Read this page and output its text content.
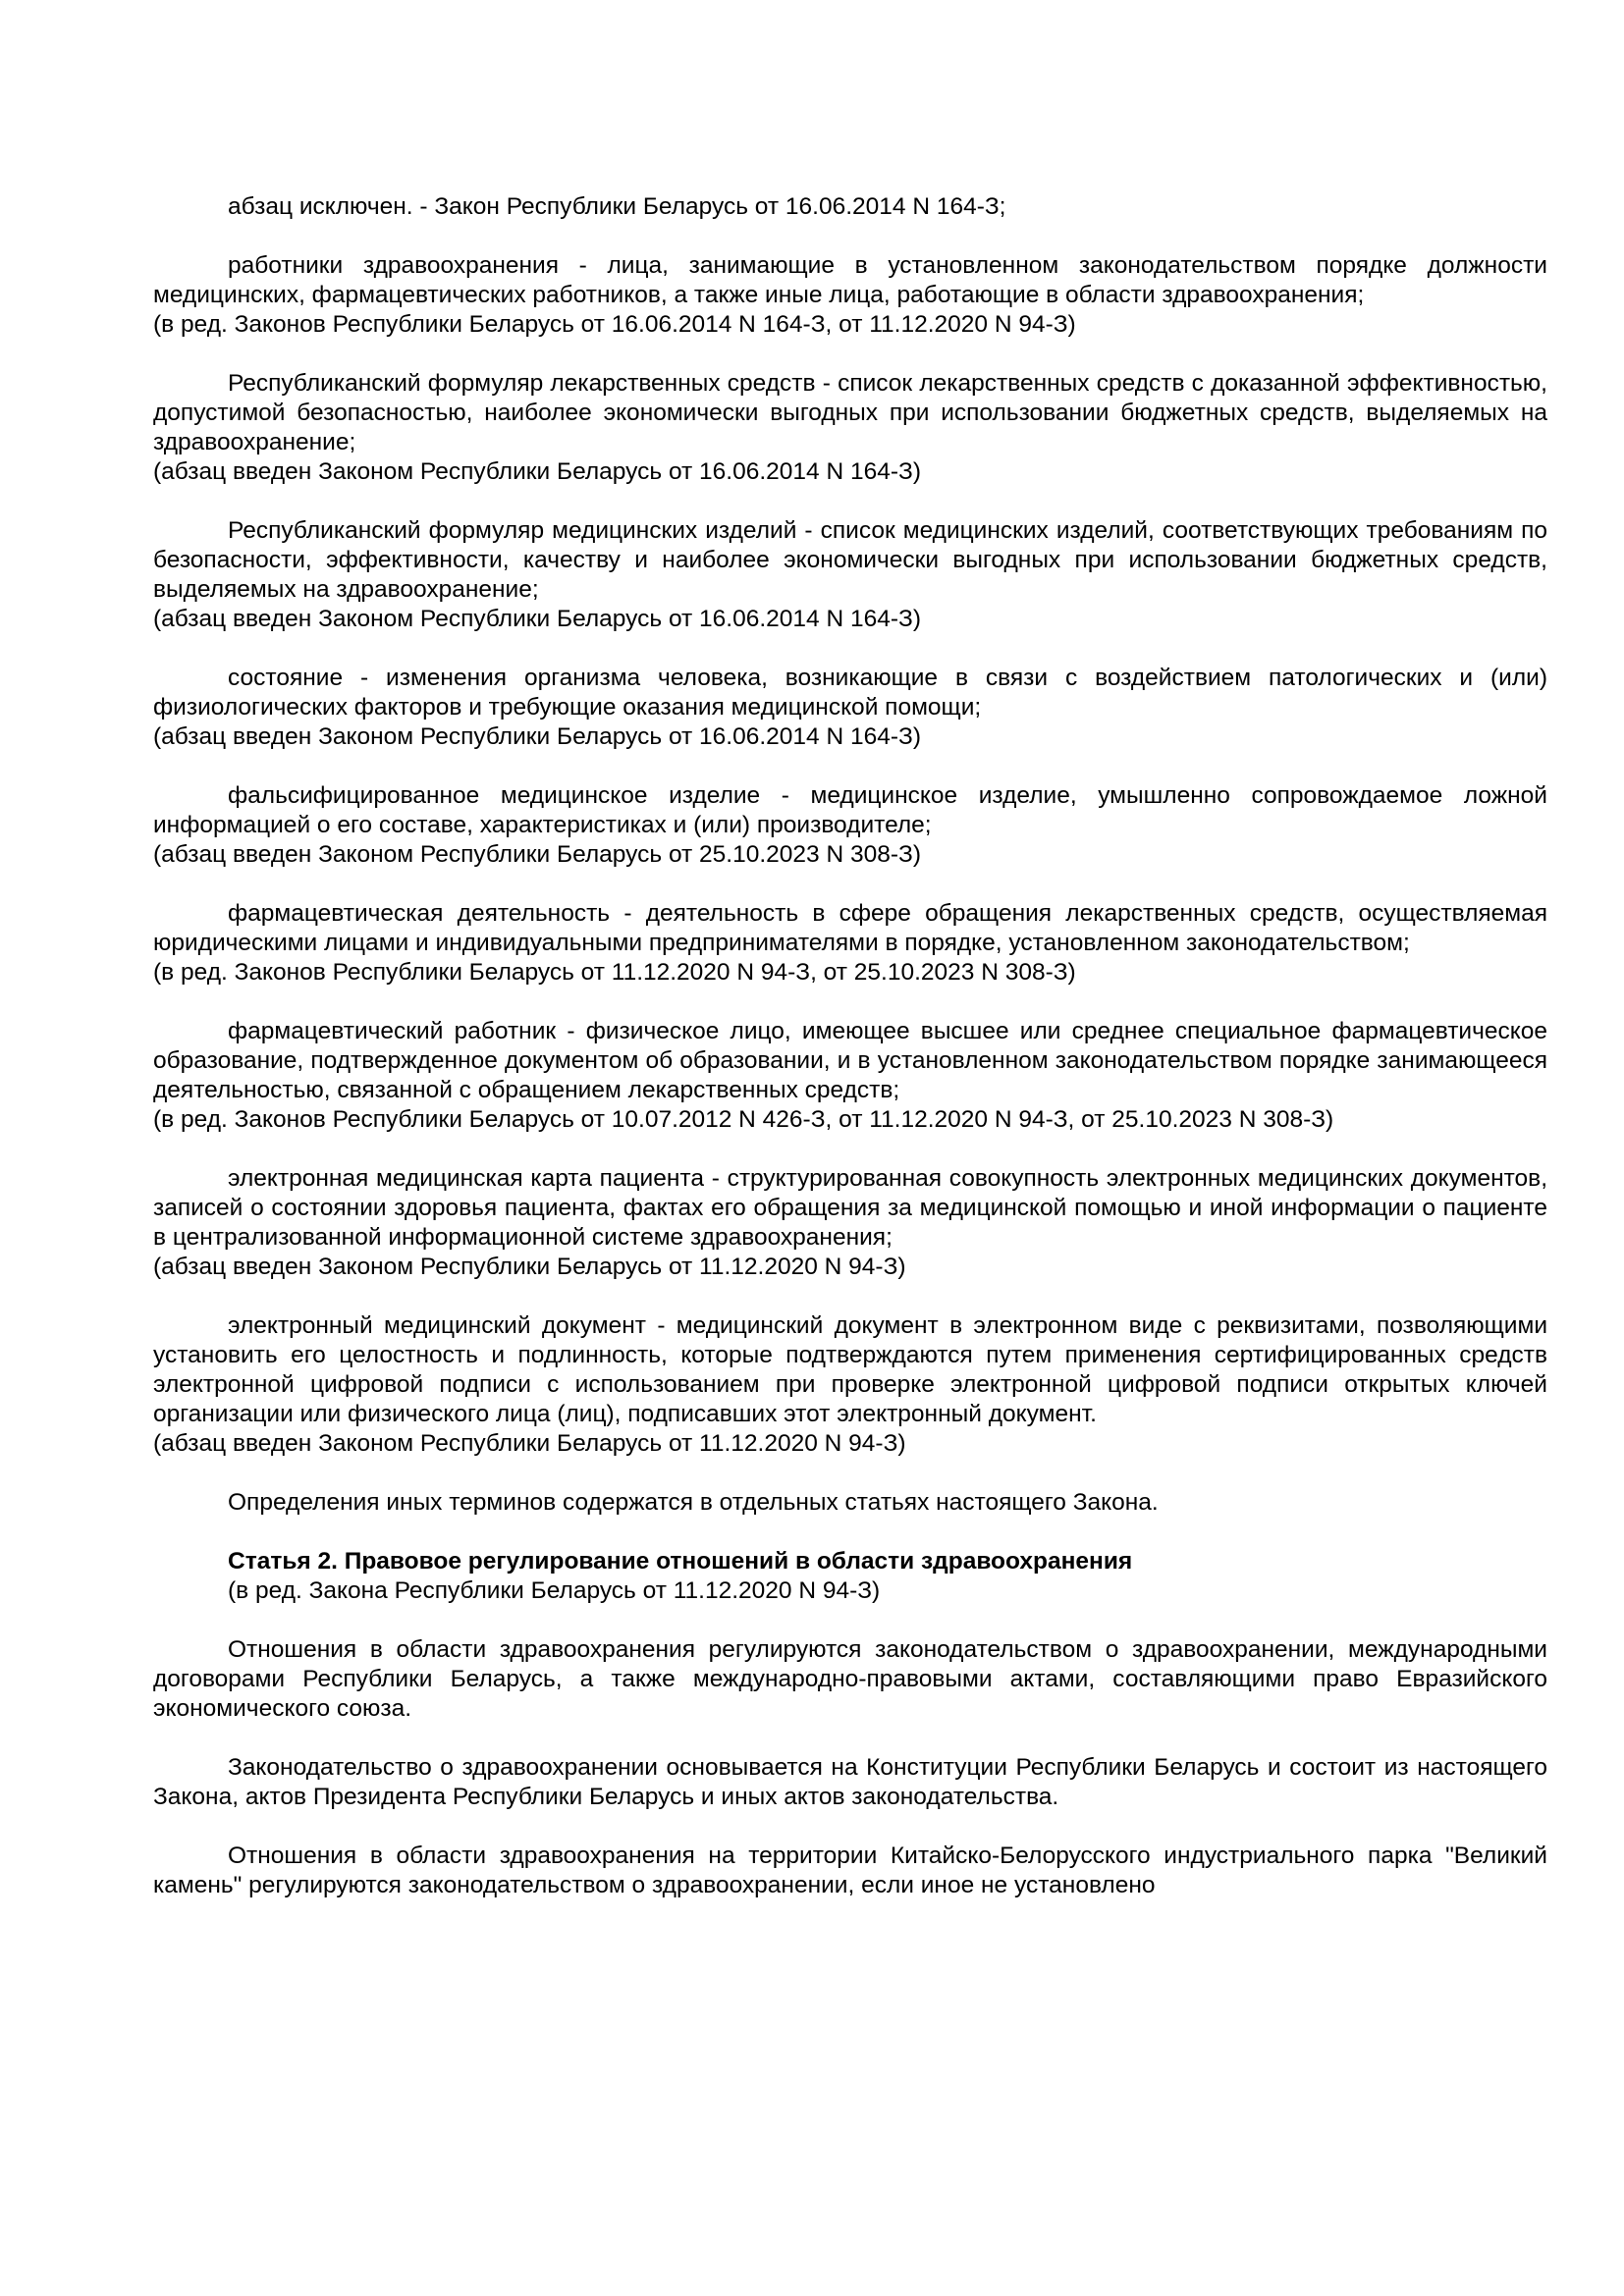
абзац исключен. - Закон Республики Беларусь от 16.06.2014 N 164-З;

работники здравоохранения - лица, занимающие в установленном законодательством порядке должности медицинских, фармацевтических работников, а также иные лица, работающие в области здравоохранения;

(в ред. Законов Республики Беларусь от 16.06.2014 N 164-З, от 11.12.2020 N 94-З)

Республиканский формуляр лекарственных средств - список лекарственных средств с доказанной эффективностью, допустимой безопасностью, наиболее экономически выгодных при использовании бюджетных средств, выделяемых на здравоохранение;

(абзац введен Законом Республики Беларусь от 16.06.2014 N 164-З)

Республиканский формуляр медицинских изделий - список медицинских изделий, соответствующих требованиям по безопасности, эффективности, качеству и наиболее экономически выгодных при использовании бюджетных средств, выделяемых на здравоохранение;

(абзац введен Законом Республики Беларусь от 16.06.2014 N 164-З)

состояние - изменения организма человека, возникающие в связи с воздействием патологических и (или) физиологических факторов и требующие оказания медицинской помощи;

(абзац введен Законом Республики Беларусь от 16.06.2014 N 164-З)

фальсифицированное медицинское изделие - медицинское изделие, умышленно сопровождаемое ложной информацией о его составе, характеристиках и (или) производителе;

(абзац введен Законом Республики Беларусь от 25.10.2023 N 308-З)

фармацевтическая деятельность - деятельность в сфере обращения лекарственных средств, осуществляемая юридическими лицами и индивидуальными предпринимателями в порядке, установленном законодательством;

(в ред. Законов Республики Беларусь от 11.12.2020 N 94-З, от 25.10.2023 N 308-З)

фармацевтический работник - физическое лицо, имеющее высшее или среднее специальное фармацевтическое образование, подтвержденное документом об образовании, и в установленном законодательством порядке занимающееся деятельностью, связанной с обращением лекарственных средств;

(в ред. Законов Республики Беларусь от 10.07.2012 N 426-З, от 11.12.2020 N 94-З, от 25.10.2023 N 308-З)

электронная медицинская карта пациента - структурированная совокупность электронных медицинских документов, записей о состоянии здоровья пациента, фактах его обращения за медицинской помощью и иной информации о пациенте в централизованной информационной системе здравоохранения;

(абзац введен Законом Республики Беларусь от 11.12.2020 N 94-З)

электронный медицинский документ - медицинский документ в электронном виде с реквизитами, позволяющими установить его целостность и подлинность, которые подтверждаются путем применения сертифицированных средств электронной цифровой подписи с использованием при проверке электронной цифровой подписи открытых ключей организации или физического лица (лиц), подписавших этот электронный документ.

(абзац введен Законом Республики Беларусь от 11.12.2020 N 94-З)

Определения иных терминов содержатся в отдельных статьях настоящего Закона.

Статья 2. Правовое регулирование отношений в области здравоохранения
(в ред. Закона Республики Беларусь от 11.12.2020 N 94-З)

Отношения в области здравоохранения регулируются законодательством о здравоохранении, международными договорами Республики Беларусь, а также международно-правовыми актами, составляющими право Евразийского экономического союза.

Законодательство о здравоохранении основывается на Конституции Республики Беларусь и состоит из настоящего Закона, актов Президента Республики Беларусь и иных актов законодательства.

Отношения в области здравоохранения на территории Китайско-Белорусского индустриального парка "Великий камень" регулируются законодательством о здравоохранении, если иное не установлено
